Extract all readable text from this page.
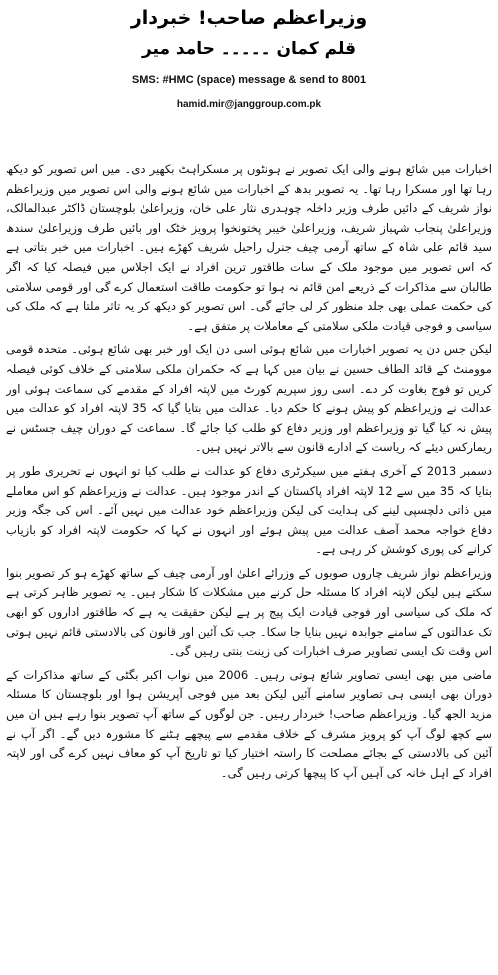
وزیراعظم صاحب! خبردار
قلم کمان ۔۔۔۔۔ حامد میر
SMS: #HMC (space) message & send to 8001
hamid.mir@janggroup.com.pk

اخبارات میں شائع ہونے والی ایک تصویر نے ہونٹوں پر مسکراہٹ بکھیر دی۔ میں اس تصویر کو دیکھ رہا تھا اور مسکرا رہا تھا۔ یہ تصویر بدھ کے اخبارات میں شائع ہونے والی اس تصویر میں وزیراعظم نواز شریف کے دائیں طرف وزیر داخلہ چوہدری نثار علی خان، وزیراعلیٰ بلوچستان ڈاکٹر عبدالمالک، وزیراعلیٰ پنجاب شہباز شریف، وزیراعلیٰ خیبر پختونخوا پرویز خٹک اور بائیں طرف وزیراعلیٰ سندھ سید قائم علی شاہ کے ساتھ آرمی چیف جنرل راحیل شریف کھڑے ہیں۔ اخبارات میں خبر بتاتی ہے کہ اس تصویر میں موجود ملک کے سات طاقتور ترین افراد نے ایک اجلاس میں فیصلہ کیا کہ اگر طالبان سے مذاکرات کے ذریعے امن قائم نہ ہوا تو حکومت طاقت استعمال کرے گی اور قومی سلامتی کی حکمت عملی بھی جلد منظور کر لی جائے گی۔ اس تصویر کو دیکھ کر یہ تاثر ملتا ہے کہ ملک کی سیاسی و فوجی قیادت ملکی سلامتی کے معاملات پر متفق ہے۔

لیکن جس دن یہ تصویر اخبارات میں شائع ہوئی اسی دن ایک اور خبر بھی شائع ہوئی۔ متحدہ قومی موومنٹ کے قائد الطاف حسین نے بیان میں کہا ہے کہ حکمران ملکی سلامتی کے خلاف کوئی فیصلہ کریں تو فوج بغاوت کر دے۔ اسی روز سپریم کورٹ میں لاپتہ افراد کے مقدمے کی سماعت ہوئی اور عدالت نے وزیراعظم کو پیش ہونے کا حکم دیا۔ عدالت میں بتایا گیا کہ 35 لاپتہ افراد کو عدالت میں پیش نہ کیا گیا تو وزیراعظم اور وزیر دفاع کو طلب کیا جائے گا۔ سماعت کے دوران چیف جسٹس نے ریمارکس دیئے کہ ریاست کے ادارے قانون سے بالاتر نہیں ہیں۔

دسمبر 2013 کے آخری ہفتے میں سیکرٹری دفاع کو عدالت نے طلب کیا تو انہوں نے تحریری طور پر بتایا کہ 35 میں سے 12 لاپتہ افراد پاکستان کے اندر موجود ہیں۔ عدالت نے وزیراعظم کو اس معاملے میں ذاتی دلچسپی لینے کی ہدایت کی لیکن وزیراعظم خود عدالت میں نہیں آئے۔ اس کی جگہ وزیر دفاع خواجہ محمد آصف عدالت میں پیش ہوئے اور انہوں نے کہا کہ حکومت لاپتہ افراد کو بازیاب کرانے کی پوری کوشش کر رہی ہے۔

وزیراعظم نواز شریف چاروں صوبوں کے وزرائے اعلیٰ اور آرمی چیف کے ساتھ کھڑے ہو کر تصویر بنوا سکتے ہیں لیکن لاپتہ افراد کا مسئلہ حل کرنے میں مشکلات کا شکار ہیں۔ یہ تصویر ظاہر کرتی ہے کہ ملک کی سیاسی اور فوجی قیادت ایک پیج پر ہے لیکن حقیقت یہ ہے کہ طاقتور اداروں کو ابھی تک عدالتوں کے سامنے جوابدہ نہیں بنایا جا سکا۔ جب تک آئین اور قانون کی بالادستی قائم نہیں ہوتی اس وقت تک ایسی تصاویر صرف اخبارات کی زینت بنتی رہیں گی۔

ماضی میں بھی ایسی تصاویر شائع ہوتی رہیں۔ 2006 میں نواب اکبر بگٹی کے ساتھ مذاکرات کے دوران بھی ایسی ہی تصاویر سامنے آئیں لیکن بعد میں فوجی آپریشن ہوا اور بلوچستان کا مسئلہ مزید الجھ گیا۔ وزیراعظم صاحب! خبردار رہیں۔ جن لوگوں کے ساتھ آپ تصویر بنوا رہے ہیں ان میں سے کچھ لوگ آپ کو پرویز مشرف کے خلاف مقدمے سے پیچھے ہٹنے کا مشورہ دیں گے۔ اگر آپ نے آئین کی بالادستی کے بجائے مصلحت کا راستہ اختیار کیا تو تاریخ آپ کو معاف نہیں کرے گی اور لاپتہ افراد کے اہل خانہ کی آہیں آپ کا پیچھا کرتی رہیں گی۔
